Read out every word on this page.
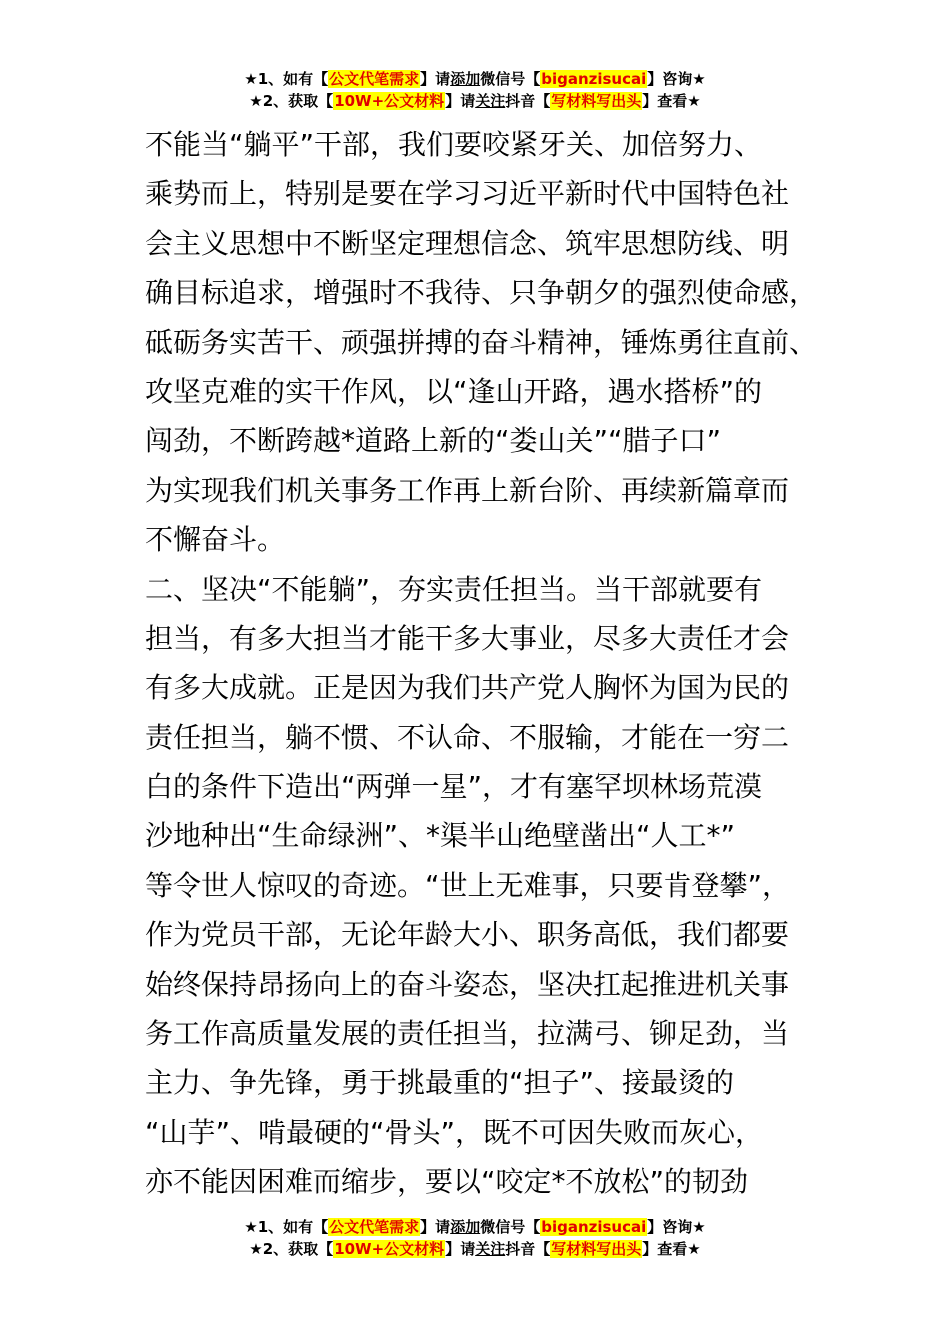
★1、如有【公文代笔需求】请添加微信号【biganzisucai】咨询★
★2、获取【10W+公文材料】请关注抖音【写材料写出头】查看★
不能当“躺平”干部，我们要咬紧牙关、加倍努力、
乘势而上，特别是要在学习习近平新时代中国特色社
会主义思想中不断坚定理想信念、筑牢思想防线、明
确目标追求，增强时不我待、只争朝夕的强烈使命感，
砥砺务实苦干、顽强拼搏的奋斗精神，锤炼勇往直前、
攻坚克难的实干作风，以“逢山开路，遇水搭桥”的
闯劲，不断跨越*道路上新的“娄山关”“腊子口”
为实现我们机关事务工作再上新台阶、再续新篇章而
不懈奋斗。
二、坚决“不能躺”，夯实责任担当。当干部就要有
担当，有多大担当才能干多大事业，尽多大责任才会
有多大成就。正是因为我们共产党人胸怀为国为民的
责任担当，躺不惯、不认命、不服输，才能在一穷二
白的条件下造出“两弹一星”，才有塞罕坝林场荒漠
沙地种出“生命绿洲”、*渠半山绝壁凿出“人工*”
等令世人惊叹的奇迹。“世上无难事，只要肯登攀”，
作为党员干部，无论年龄大小、职务高低，我们都要
始终保持昂扬向上的奋斗姿态，坚决扛起推进机关事
务工作高质量发展的责任担当，拉满弓、铆足劲，当
主力、争先锋，勇于挑最重的“担子”、接最烫的
“山芋”、啃最硬的“骨头”，既不可因失败而灰心，
亦不能因困难而缩步，要以“咬定*不放松”的韧劲
★1、如有【公文代笔需求】请添加微信号【biganzisucai】咨询★
★2、获取【10W+公文材料】请关注抖音【写材料写出头】查看★
